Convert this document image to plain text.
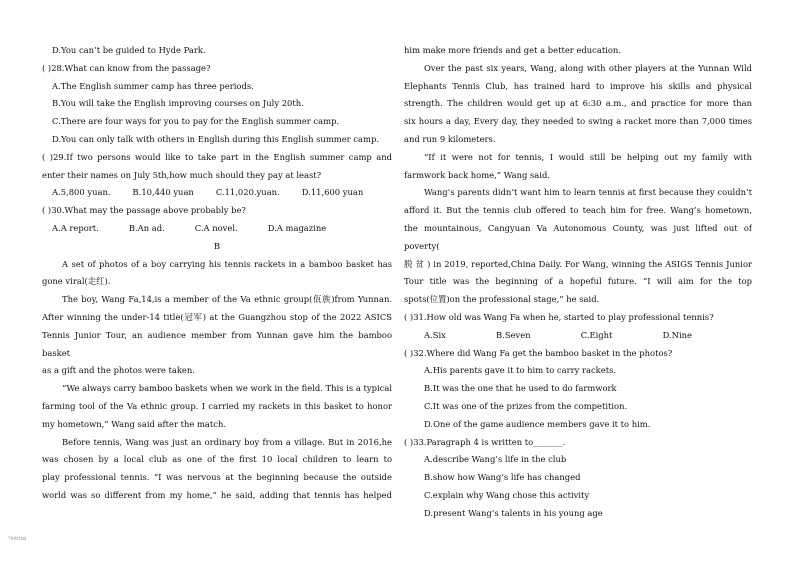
D.You can’t be guided to Hyde Park.
( )28.What can know from the passage?
A.The English summer camp has three periods.
B.You will take the English improving courses on July 20th.
C.There are four ways for you to pay for the English summer camp.
D.You can only talk with others in English during this English summer camp.
( )29.If two persons would like to take part in the English summer camp and
enter their names on July 5th,how much should they pay at least?
A.5,800 yuan.	B.10,440 yuan	C.11,020.yuan.	D.11,600 yuan
( )30.What may the passage above probably be?
A.A report.	B.An ad.	C.A novel.	D.A magazine
B
A set of photos of a boy carrying his tennis rackets in a bamboo basket has
gone viral(走红).
The boy, Wang Fa,14,is a member of the Va ethnic group(佤族)from Yunnan.
After winning the under-14 title(冠军) at the Guangzhou stop of the 2022 ASICS
Tennis Junior Tour, an audience member from Yunnan gave him the bamboo basket
as a gift and the photos were taken.
“We always carry bamboo baskets when we work in the field. This is a typical
farming tool of the Va ethnic group. I carried my rackets in this basket to honor
my hometown,” Wang said after the match.
Before tennis, Wang was just an ordinary boy from a village. But in 2016,he
was chosen by a local club as one of the first 10 local children to learn to
play professional tennis. “I was nervous at the beginning because the outside
world was so different from my home,” he said, adding that tennis has helped
him make more friends and get a better education.
Over the past six years, Wang, along with other players at the Yunnan Wild
Elephants Tennis Club, has trained hard to improve his skills and physical
strength. The children would get up at 6:30 a.m., and practice for more than
six hours a day, Every day, they needed to swing a racket more than 7,000 times
and run 9 kilometers.
“If it were not for tennis, I would still be helping out my family with
farmwork back home,” Wang said.
Wang’s parents didn’t want him to learn tennis at first because they couldn’t
afford it. But the tennis club offered to teach him for free. Wang’s hometown,
the mountainous, Cangyuan Va Autonomous County, was just lifted out of poverty(
脱 贫 ) in 2019, reported,China Daily. For Wang, winning the ASIGS Tennis Junior
Tour title was the beginning of a hopeful future. “I will aim for the top
spots(位置)on the professional stage,” he said.
( )31.How old was Wang Fa when he, started to play professional tennis?
A.Six	B.Seven	C.Eight	D.Nine
( )32.Where did Wang Fa get the bamboo basket in the photos?
A.His parents gave it to him to carry rackets.
B.It was the one that he used to do farmwork
C.It was one of the prizes from the competition.
D.One of the game audience members gave it to him.
( )33.Paragraph 4 is written to_______.
A.describe Wang’s life in the club
B.show how Wang’s life has changed
C.explain why Wang chose this activity
D.present Wang’s talents in his young age
*Intitial
